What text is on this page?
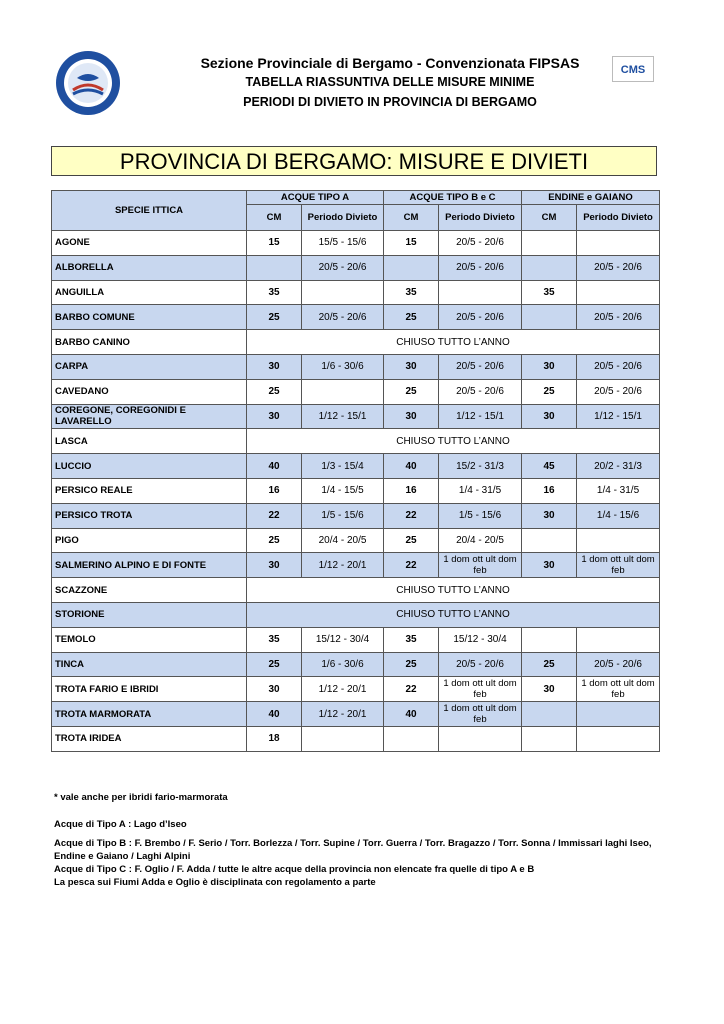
Sezione Provinciale di Bergamo - Convenzionata FIPSAS
TABELLA RIASSUNTIVA DELLE MISURE MINIME
PERIODI DI DIVIETO IN PROVINCIA DI BERGAMO
CMS
PROVINCIA DI BERGAMO: MISURE E DIVIETI
SPECIE ITTICA	ACQUE TIPO A		ACQUE TIPO B e C		ENDINE e GAIANO	
	CM	Periodo Divieto	CM	Periodo Divieto	CM	Periodo Divieto
AGONE	15	15/5 - 15/6	15	20/5 - 20/6		
ALBORELLA		20/5 - 20/6		20/5 - 20/6		20/5 - 20/6
ANGUILLA	35		35		35	
BARBO COMUNE	25	20/5 - 20/6	25	20/5 - 20/6		20/5 - 20/6
BARBO CANINO	CHIUSO TUTTO L’ANNO					
CARPA	30	1/6 - 30/6	30	20/5 - 20/6	30	20/5 - 20/6
CAVEDANO	25		25	20/5 - 20/6	25	20/5 - 20/6
COREGONE, COREGONIDI E LAVARELLO	30	1/12 - 15/1	30	1/12 - 15/1	30	1/12 - 15/1
LASCA	CHIUSO TUTTO L’ANNO					
LUCCIO	40	1/3 - 15/4	40	15/2 - 31/3	45	20/2 - 31/3
PERSICO REALE	16	1/4 - 15/5	16	1/4 - 31/5	16	1/4 - 31/5
PERSICO TROTA	22	1/5 - 15/6	22	1/5 - 15/6	30	1/4 - 15/6
PIGO	25	20/4 - 20/5	25	20/4 - 20/5		
SALMERINO ALPINO E DI FONTE	30	1/12 - 20/1	22	1 dom ott ult dom feb	30	1 dom ott ult dom feb
SCAZZONE	CHIUSO TUTTO L’ANNO					
STORIONE	CHIUSO TUTTO L’ANNO					
TEMOLO	35	15/12 - 30/4	35	15/12 - 30/4		
TINCA	25	1/6 - 30/6	25	20/5 - 20/6	25	20/5 - 20/6
TROTA FARIO E IBRIDI	30	1/12 - 20/1	22	1 dom ott ult dom feb	30	1 dom ott ult dom feb
TROTA MARMORATA	40	1/12 - 20/1	40	1 dom ott ult dom feb		
TROTA IRIDEA	18					
* vale anche per ibridi fario-marmorata
Acque di Tipo A : Lago d’Iseo
Acque di Tipo B : F. Brembo / F. Serio / Torr. Borlezza / Torr. Supine / Torr. Guerra / Torr. Bragazzo / Torr. Sonna / Immissari laghi Iseo, Endine e Gaiano / Laghi Alpini
Acque di Tipo C : F. Oglio / F. Adda / tutte le altre acque della provincia non elencate fra quelle di tipo A e B
La pesca sui Fiumi Adda e Oglio è disciplinata con regolamento a parte
